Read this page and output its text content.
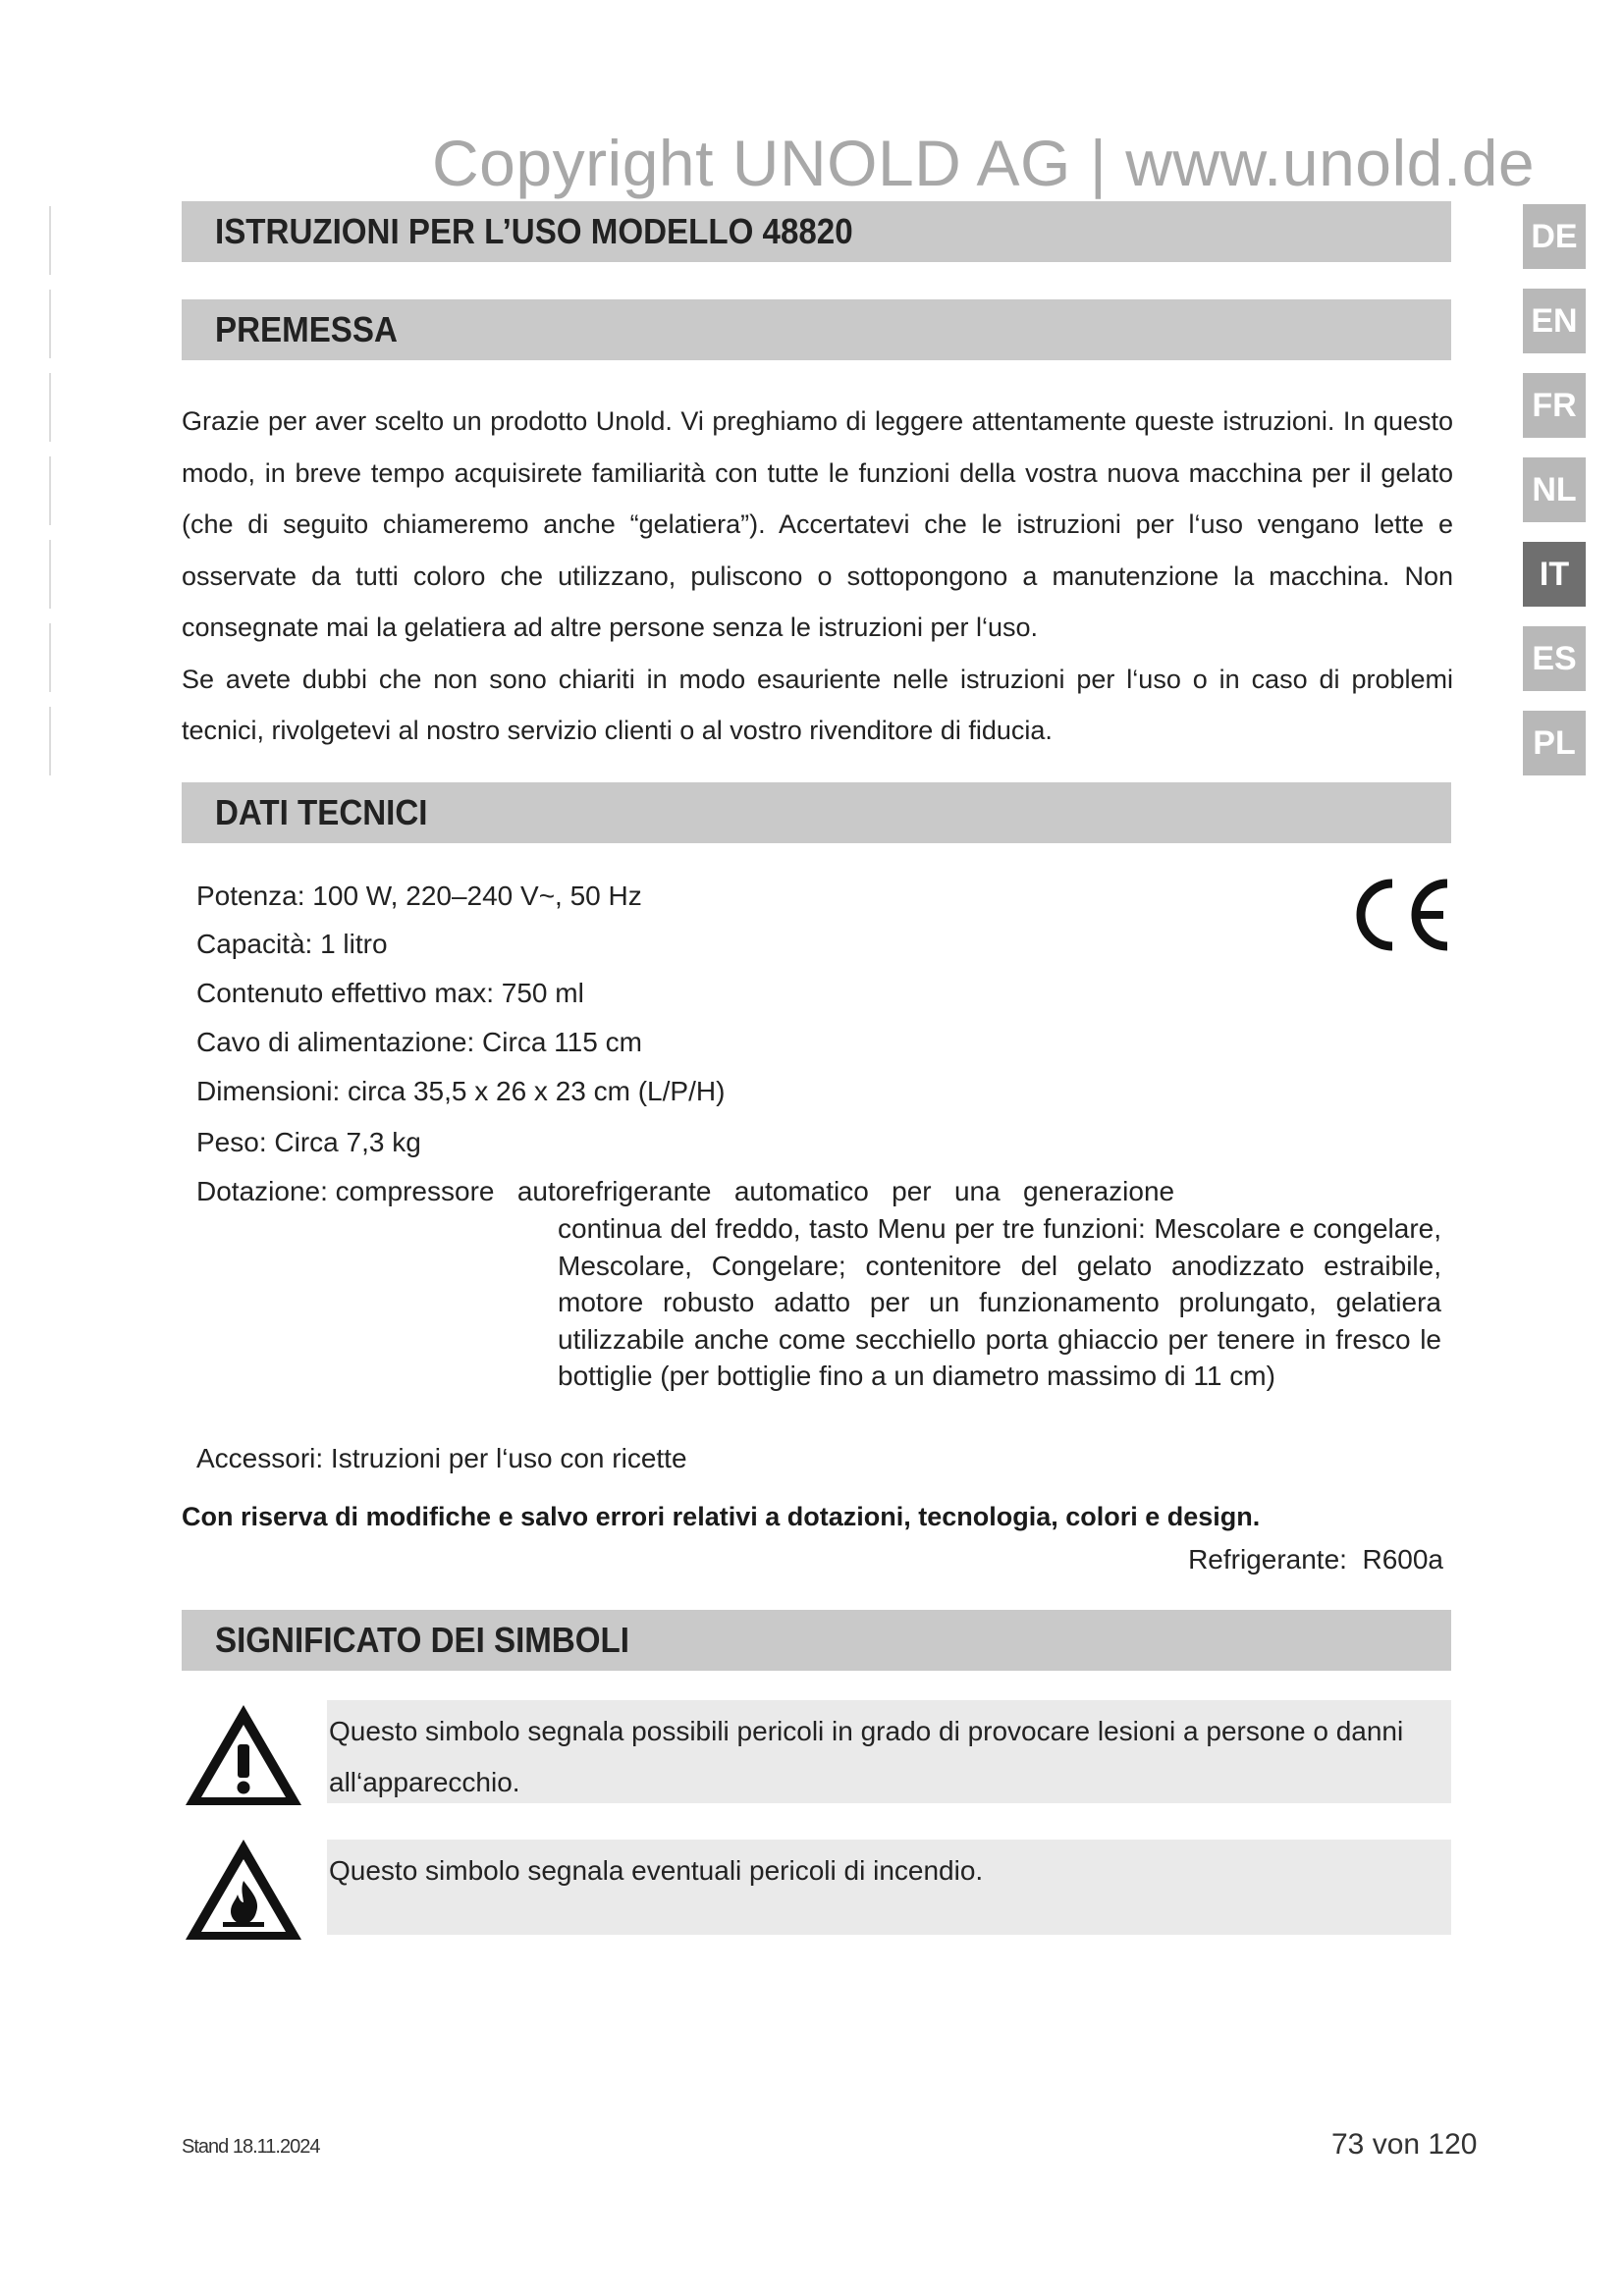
Copyright UNOLD AG | www.unold.de
ISTRUZIONI PER L’USO MODELLO 48820	DE
EN
FR
NL
IT
ES
PL
PREMESSA

Grazie per aver scelto un prodotto Unold. Vi preghiamo di leggere attentamente queste istruzioni. In questo modo, in breve tempo acquisirete familiarità con tutte le funzioni della vostra nuova macchina per il gelato (che di seguito chiameremo anche “gelatiera”). Accertatevi che le istruzioni per l‘uso vengano lette e osservate da tutti coloro che utilizzano, puliscono o sottopongono a manutenzione la macchina. Non consegnate mai la gelatiera ad altre persone senza le istruzioni per l‘uso.

Se avete dubbi che non sono chiariti in modo esauriente nelle istruzioni per l‘uso o in caso di problemi tecnici, rivolgetevi al nostro servizio clienti o al vostro rivenditore di fiducia.

DATI TECNICI
Potenza: 100 W, 220–240 V~, 50 Hz
Capacità: 1 litro
Contenuto effettivo max: 750 ml
Cavo di alimentazione: Circa 115 cm
Dimensioni: circa 35,5 x 26 x 23 cm (L/P/H)
Peso: Circa 7,3 kg
Dotazione: compressore   autorefrigerante   automatico   per   una   generazione
continua del freddo, tasto Menu per tre funzioni: Mescolare e congelare, Mescolare, Congelare; contenitore del gelato anodizzato estraibile, motore robusto adatto per un funzionamento prolungato, gelatiera utilizzabile anche come secchiello porta ghiaccio per tenere in fresco le bottiglie (per bottiglie fino a un diametro massimo di 11 cm)
Accessori: Istruzioni per l‘uso con ricette
Con riserva di modifiche e salvo errori relativi a dotazioni, tecnologia, colori e design.
Refrigerante:  R600a
SIGNIFICATO DEI SIMBOLI
Questo simbolo segnala possibili pericoli in grado di provocare lesioni a persone o danni all‘apparecchio.
Questo simbolo segnala eventuali pericoli di incendio.
Stand 18.11.2024	73 von 120
